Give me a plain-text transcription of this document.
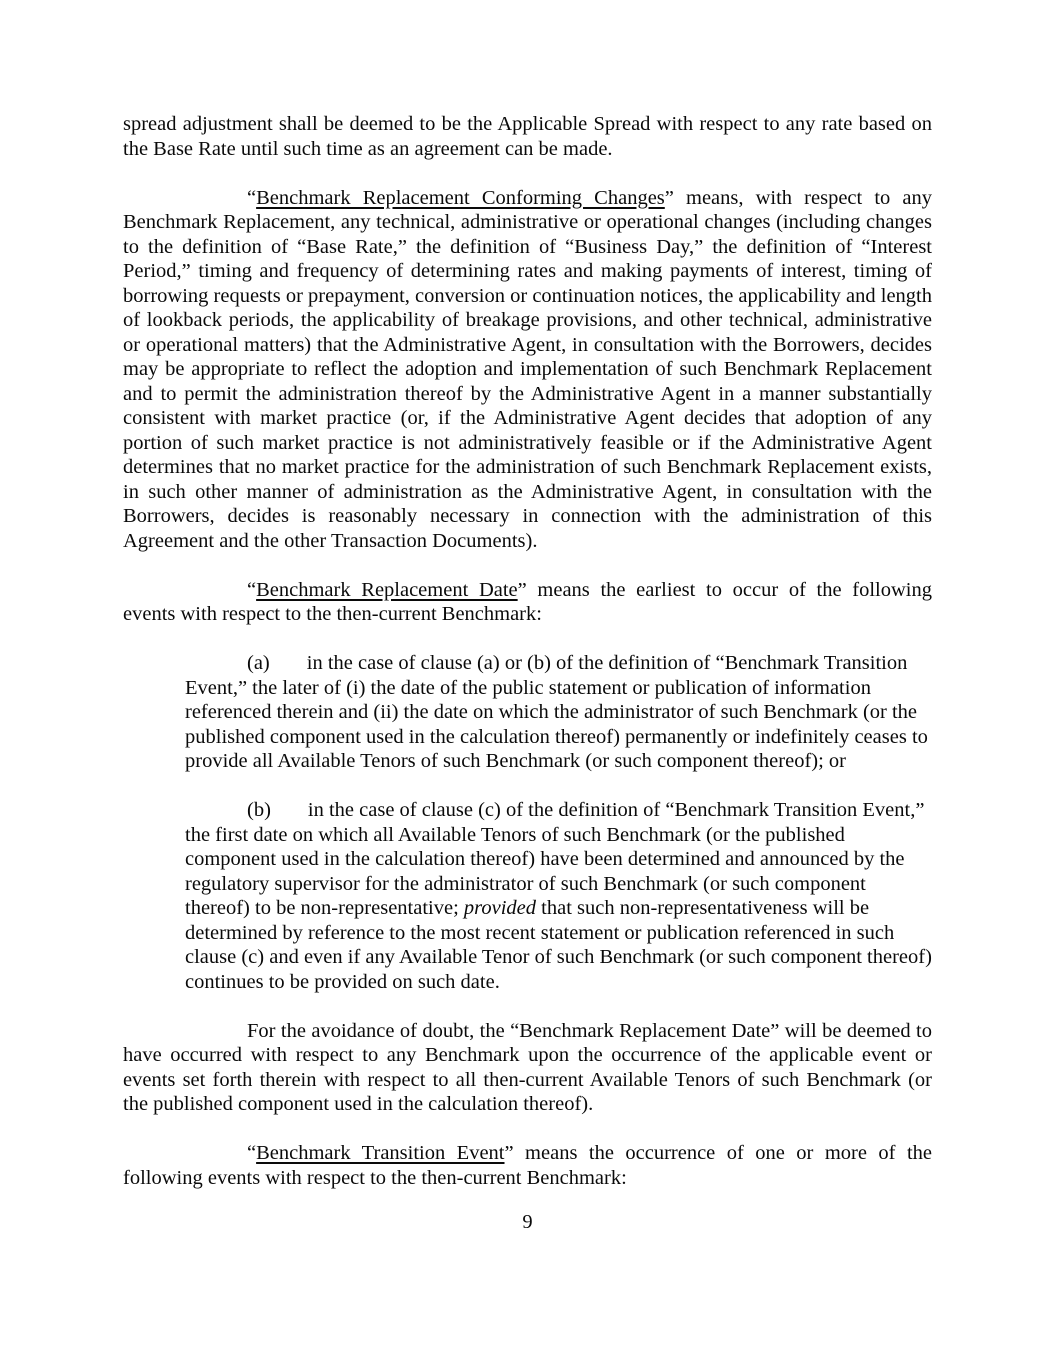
spread adjustment shall be deemed to be the Applicable Spread with respect to any rate based on the Base Rate until such time as an agreement can be made.

“Benchmark Replacement Conforming Changes” means, with respect to any Benchmark Replacement, any technical, administrative or operational changes (including changes to the definition of “Base Rate,” the definition of “Business Day,” the definition of “Interest Period,” timing and frequency of determining rates and making payments of interest, timing of borrowing requests or prepayment, conversion or continuation notices, the applicability and length of lookback periods, the applicability of breakage provisions, and other technical, administrative or operational matters) that the Administrative Agent, in consultation with the Borrowers, decides may be appropriate to reflect the adoption and implementation of such Benchmark Replacement and to permit the administration thereof by the Administrative Agent in a manner substantially consistent with market practice (or, if the Administrative Agent decides that adoption of any portion of such market practice is not administratively feasible or if the Administrative Agent determines that no market practice for the administration of such Benchmark Replacement exists, in such other manner of administration as the Administrative Agent, in consultation with the Borrowers, decides is reasonably necessary in connection with the administration of this Agreement and the other Transaction Documents).

“Benchmark Replacement Date” means the earliest to occur of the following events with respect to the then-current Benchmark:

(a) in the case of clause (a) or (b) of the definition of “Benchmark Transition Event,” the later of (i) the date of the public statement or publication of information referenced therein and (ii) the date on which the administrator of such Benchmark (or the published component used in the calculation thereof) permanently or indefinitely ceases to provide all Available Tenors of such Benchmark (or such component thereof); or

(b) in the case of clause (c) of the definition of “Benchmark Transition Event,” the first date on which all Available Tenors of such Benchmark (or the published component used in the calculation thereof) have been determined and announced by the regulatory supervisor for the administrator of such Benchmark (or such component thereof) to be non-representative; provided that such non-representativeness will be determined by reference to the most recent statement or publication referenced in such clause (c) and even if any Available Tenor of such Benchmark (or such component thereof) continues to be provided on such date.

For the avoidance of doubt, the “Benchmark Replacement Date” will be deemed to have occurred with respect to any Benchmark upon the occurrence of the applicable event or events set forth therein with respect to all then-current Available Tenors of such Benchmark (or the published component used in the calculation thereof).

“Benchmark Transition Event” means the occurrence of one or more of the following events with respect to the then-current Benchmark:

9
